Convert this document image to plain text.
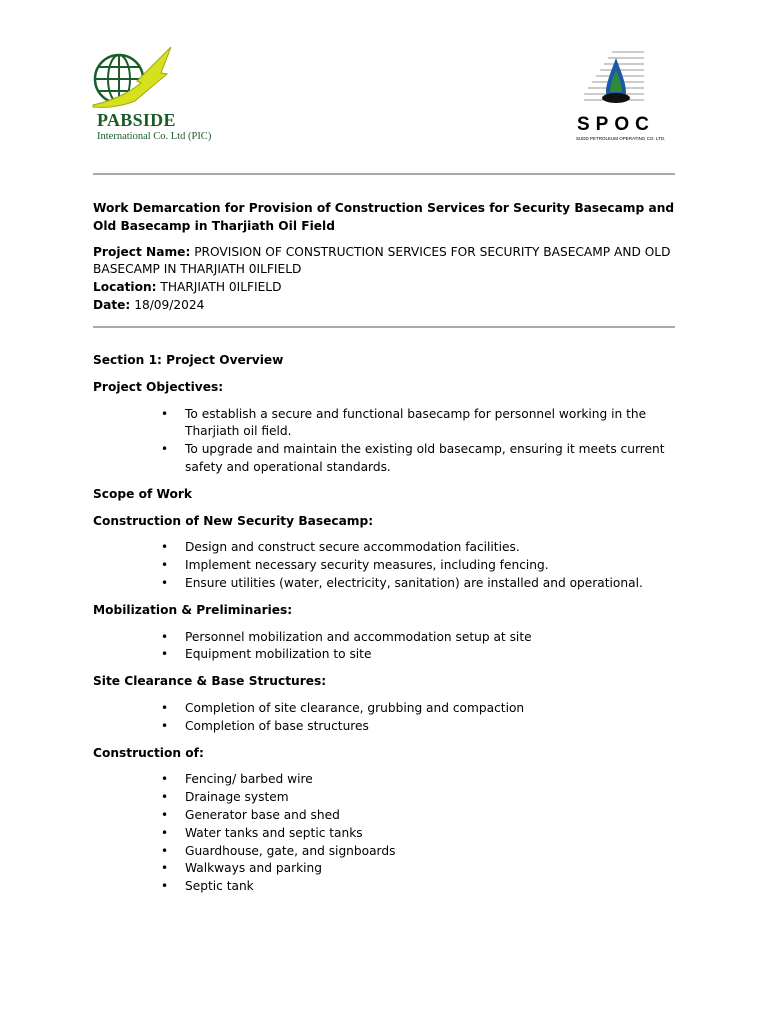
PABSIDE
International Co. Ltd (PIC)
SPOC
SUDD PETROLEUM OPERATING CO. LTD.

Work Demarcation for Provision of Construction Services for Security Basecamp and Old Basecamp in Tharjiath Oil Field

Project Name: PROVISION OF CONSTRUCTION SERVICES FOR SECURITY BASECAMP AND OLD BASECAMP IN THARJIATH 0ILFIELD
Location: THARJIATH 0ILFIELD
Date: 18/09/2024

Section 1: Project Overview

Project Objectives:

• To establish a secure and functional basecamp for personnel working in the Tharjiath oil field.
• To upgrade and maintain the existing old basecamp, ensuring it meets current safety and operational standards.

Scope of Work

Construction of New Security Basecamp:

• Design and construct secure accommodation facilities.
• Implement necessary security measures, including fencing.
• Ensure utilities (water, electricity, sanitation) are installed and operational.

Mobilization & Preliminaries:

• Personnel mobilization and accommodation setup at site
• Equipment mobilization to site

Site Clearance & Base Structures:

• Completion of site clearance, grubbing and compaction
• Completion of base structures

Construction of:

• Fencing/ barbed wire
• Drainage system
• Generator base and shed
• Water tanks and septic tanks
• Guardhouse, gate, and signboards
• Walkways and parking
• Septic tank
